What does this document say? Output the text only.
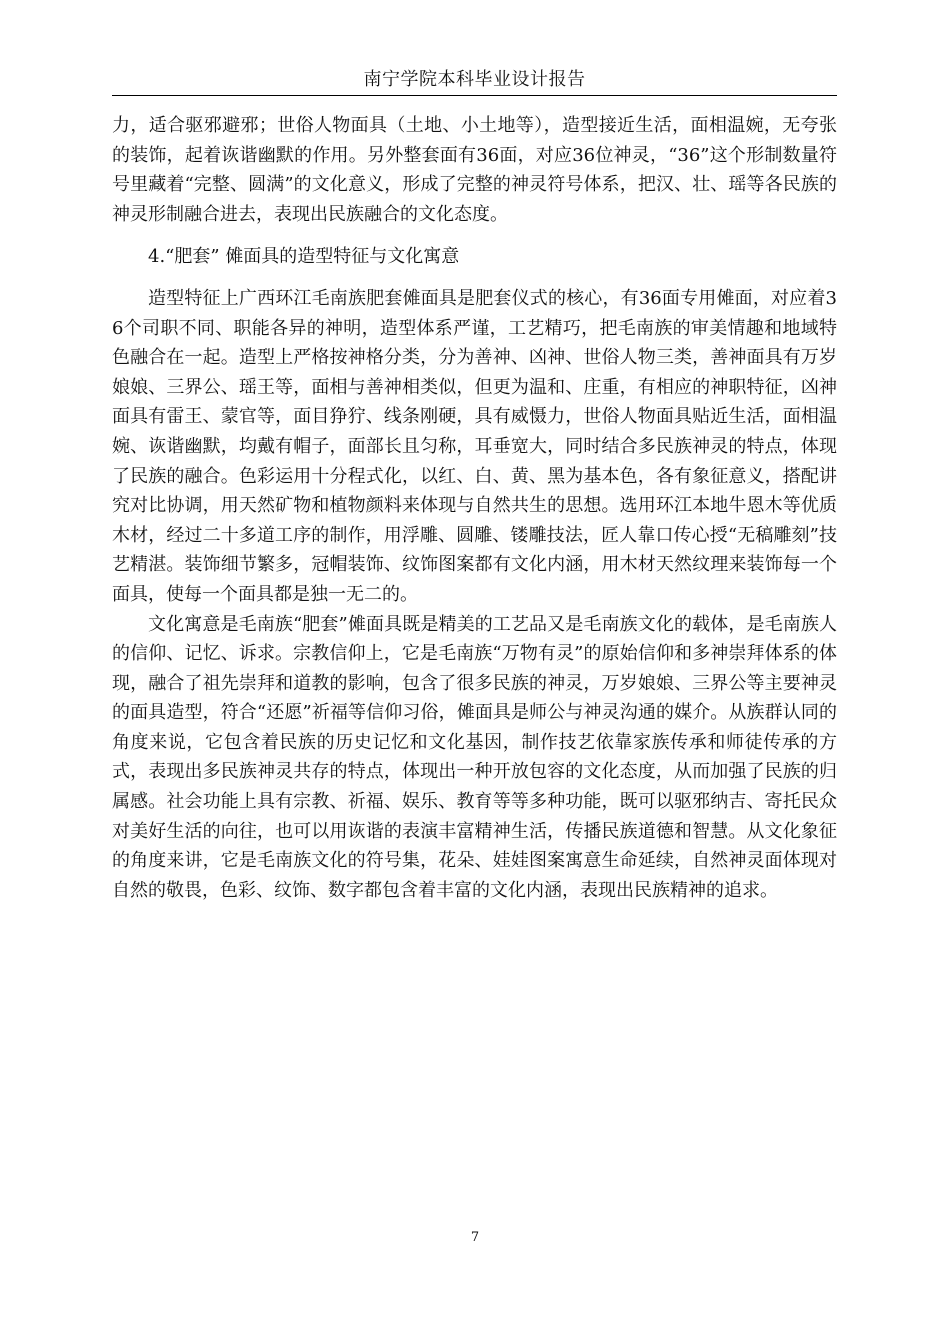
南宁学院本科毕业设计报告

力，适合驱邪避邪；世俗人物面具（土地、小土地等），造型接近生活，面相温婉，无夸张的装饰，起着诙谐幽默的作用。另外整套面有36面，对应36位神灵，“36”这个形制数量符号里藏着“完整、圆满”的文化意义，形成了完整的神灵符号体系，把汉、壮、瑶等各民族的神灵形制融合进去，表现出民族融合的文化态度。

4.“肥套” 傩面具的造型特征与文化寓意

造型特征上广西环江毛南族肥套傩面具是肥套仪式的核心，有36面专用傩面，对应着36个司职不同、职能各异的神明，造型体系严谨，工艺精巧，把毛南族的审美情趣和地域特色融合在一起。造型上严格按神格分类，分为善神、凶神、世俗人物三类，善神面具有万岁娘娘、三界公、瑶王等，面相与善神相类似，但更为温和、庄重，有相应的神职特征，凶神面具有雷王、蒙官等，面目狰狞、线条刚硬，具有威慑力，世俗人物面具贴近生活，面相温婉、诙谐幽默，均戴有帽子，面部长且匀称，耳垂宽大，同时结合多民族神灵的特点，体现了民族的融合。色彩运用十分程式化，以红、白、黄、黑为基本色，各有象征意义，搭配讲究对比协调，用天然矿物和植物颜料来体现与自然共生的思想。选用环江本地牛恩木等优质木材，经过二十多道工序的制作，用浮雕、圆雕、镂雕技法，匠人靠口传心授“无稿雕刻”技艺精湛。装饰细节繁多，冠帽装饰、纹饰图案都有文化内涵，用木材天然纹理来装饰每一个面具，使每一个面具都是独一无二的。

文化寓意是毛南族“肥套”傩面具既是精美的工艺品又是毛南族文化的载体，是毛南族人的信仰、记忆、诉求。宗教信仰上，它是毛南族“万物有灵”的原始信仰和多神崇拜体系的体现，融合了祖先崇拜和道教的影响，包含了很多民族的神灵，万岁娘娘、三界公等主要神灵的面具造型，符合“还愿”祈福等信仰习俗，傩面具是师公与神灵沟通的媒介。从族群认同的角度来说，它包含着民族的历史记忆和文化基因，制作技艺依靠家族传承和师徒传承的方式，表现出多民族神灵共存的特点，体现出一种开放包容的文化态度，从而加强了民族的归属感。社会功能上具有宗教、祈福、娱乐、教育等等多种功能，既可以驱邪纳吉、寄托民众对美好生活的向往，也可以用诙谐的表演丰富精神生活，传播民族道德和智慧。从文化象征的角度来讲，它是毛南族文化的符号集，花朵、娃娃图案寓意生命延续，自然神灵面体现对自然的敬畏，色彩、纹饰、数字都包含着丰富的文化内涵，表现出民族精神的追求。

7
